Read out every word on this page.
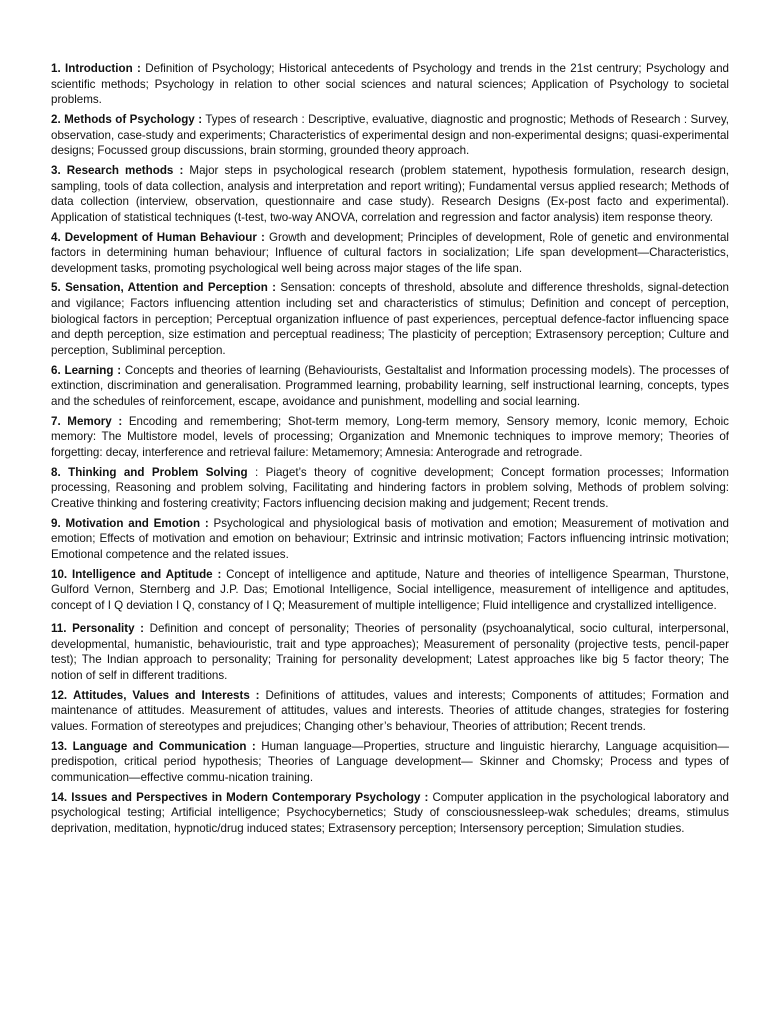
1. Introduction : Definition of Psychology; Historical antecedents of Psychology and trends in the 21st centrury; Psychology and scientific methods; Psychology in relation to other social sciences and natural sciences; Application of Psychology to societal problems.

2. Methods of Psychology : Types of research : Descriptive, evaluative, diagnostic and prognostic; Methods of Research : Survey, observation, case-study and experiments; Characteristics of experimental design and non-experimental designs; quasi-experimental designs; Focussed group discussions, brain storming, grounded theory approach.

3. Research methods : Major steps in psychological research (problem statement, hypothesis formulation, research design, sampling, tools of data collection, analysis and interpretation and report writing); Fundamental versus applied research; Methods of data collection (interview, observation, questionnaire and case study). Research Designs (Ex-post facto and experimental). Application of statistical techniques (t-test, two-way ANOVA, correlation and regression and factor analysis) item response theory.

4. Development of Human Behaviour : Growth and development; Principles of development, Role of genetic and environmental factors in determining human behaviour; Influence of cultural factors in socialization; Life span development—Characteristics, development tasks, promoting psychological well being across major stages of the life span.

5. Sensation, Attention and Perception : Sensation: concepts of threshold, absolute and difference thresholds, signal-detection and vigilance; Factors influencing attention including set and characteristics of stimulus; Definition and concept of perception, biological factors in perception; Perceptual organization influence of past experiences, perceptual defence-factor influencing space and depth perception, size estimation and perceptual readiness; The plasticity of perception; Extrasensory perception; Culture and perception, Subliminal perception.

6. Learning : Concepts and theories of learning (Behaviourists, Gestaltalist and Information processing models). The processes of extinction, discrimination and generalisation. Programmed learning, probability learning, self instructional learning, concepts, types and the schedules of reinforcement, escape, avoidance and punishment, modelling and social learning.

7. Memory : Encoding and remembering; Shot-term memory, Long-term memory, Sensory memory, Iconic memory, Echoic memory: The Multistore model, levels of processing; Organization and Mnemonic techniques to improve memory; Theories of forgetting: decay, interference and retrieval failure: Metamemory; Amnesia: Anterograde and retrograde.

8. Thinking and Problem Solving : Piaget’s theory of cognitive development; Concept formation processes; Information processing, Reasoning and problem solving, Facilitating and hindering factors in problem solving, Methods of problem solving: Creative thinking and fostering creativity; Factors influencing decision making and judgement; Recent trends.

9. Motivation and Emotion : Psychological and physiological basis of motivation and emotion; Measurement of motivation and emotion; Effects of motivation and emotion on behaviour; Extrinsic and intrinsic motivation; Factors influencing intrinsic motivation; Emotional competence and the related issues.

10. Intelligence and Aptitude : Concept of intelligence and aptitude, Nature and theories of intelligence Spearman, Thurstone, Gulford Vernon, Sternberg and J.P. Das; Emotional Intelligence, Social intelligence, measurement of intelligence and aptitudes, concept of I Q deviation I Q, constancy of I Q; Measurement of multiple intelligence; Fluid intelligence and crystallized intelligence.

11. Personality : Definition and concept of personality; Theories of personality (psychoanalytical, socio cultural, interpersonal, developmental, humanistic, behaviouristic, trait and type approaches); Measurement of personality (projective tests, pencil-paper test); The Indian approach to personality; Training for personality development; Latest approaches like big 5 factor theory; The notion of self in different traditions.

12. Attitudes, Values and Interests : Definitions of attitudes, values and interests; Components of attitudes; Formation and maintenance of attitudes. Measurement of attitudes, values and interests. Theories of attitude changes, strategies for fostering values. Formation of stereotypes and prejudices; Changing other’s behaviour, Theories of attribution; Recent trends.

13. Language and Communication : Human language—Properties, structure and linguistic hierarchy, Language acquisition—predispotion, critical period hypothesis; Theories of Language development— Skinner and Chomsky; Process and types of communication—effective commu-nication training.

14. Issues and Perspectives in Modern Contemporary Psychology : Computer application in the psychological laboratory and psychological testing; Artificial intelligence; Psychocybernetics; Study of consciousnessleep-wak schedules; dreams, stimulus deprivation, meditation, hypnotic/drug induced states; Extrasensory perception; Intersensory perception; Simulation studies.
